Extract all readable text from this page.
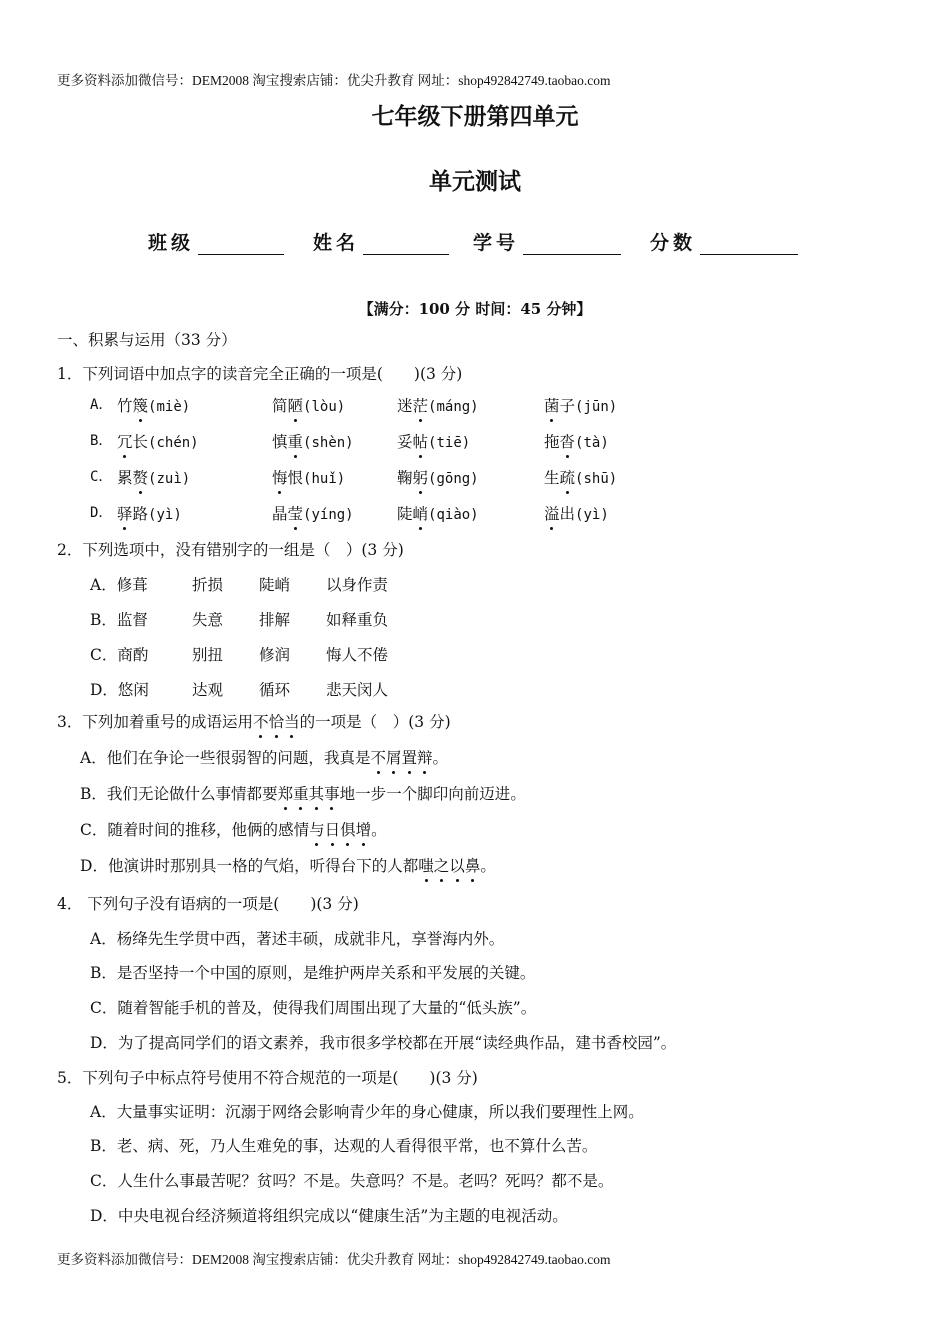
更多资料添加微信号：DEM2008 淘宝搜索店铺：优尖升教育 网址：shop492842749.taobao.com
七年级下册第四单元
单元测试
班级	姓名	学号	分数
【满分：100 分 时间：45 分钟】
一、积累与运用（33 分）
1．下列词语中加点字的读音完全正确的一项是(　　)(3 分)
A． 竹篾(miè)	简陋(lòu)	迷茫(máng)	菌子(jūn)
B． 冗长(chén)	慎重(shèn)	妥帖(tiē)	拖沓(tà)
C． 累赘(zuì)	悔恨(huǐ)	鞠躬(gōng)	生疏(shū)
D． 驿路(yì)	晶莹(yíng)	陡峭(qiào)	溢出(yì)
2．下列选项中，没有错别字的一组是（　）(3 分)
A．修葺	折损 陡峭 以身作责
B．监督	失意 排解 如释重负
C．商酌	别扭 修润 悔人不倦
D．悠闲	达观 循环 悲天闵人
3．下列加着重号的成语运用不恰当的一项是（　 ）(3 分)
A．他们在争论一些很弱智的问题，我真是不屑置辩。
B．我们无论做什么事情都要郑重其事地一步一个脚印向前迈进。
C．随着时间的推移，他俩的感情与日俱增。
D．他演讲时那别具一格的气焰，听得台下的人都嗤之以鼻。
4． 下列句子没有语病的一项是(　　)(3 分)
A．杨绛先生学贯中西，著述丰硕，成就非凡，享誉海内外。
B．是否坚持一个中国的原则，是维护两岸关系和平发展的关键。
C．随着智能手机的普及，使得我们周围出现了大量的“低头族”。
D．为了提高同学们的语文素养，我市很多学校都在开展“读经典作品，建书香校园”。
5．下列句子中标点符号使用不符合规范的一项是(　　)(3 分)
A．大量事实证明：沉溺于网络会影响青少年的身心健康，所以我们要理性上网。
B．老、病、死，乃人生难免的事，达观的人看得很平常，也不算什么苦。
C．人生什么事最苦呢？贫吗？不是。失意吗？不是。老吗？死吗？都不是。
D．中央电视台经济频道将组织完成以“健康生活”为主题的电视活动。
更多资料添加微信号：DEM2008 淘宝搜索店铺：优尖升教育 网址：shop492842749.taobao.com
